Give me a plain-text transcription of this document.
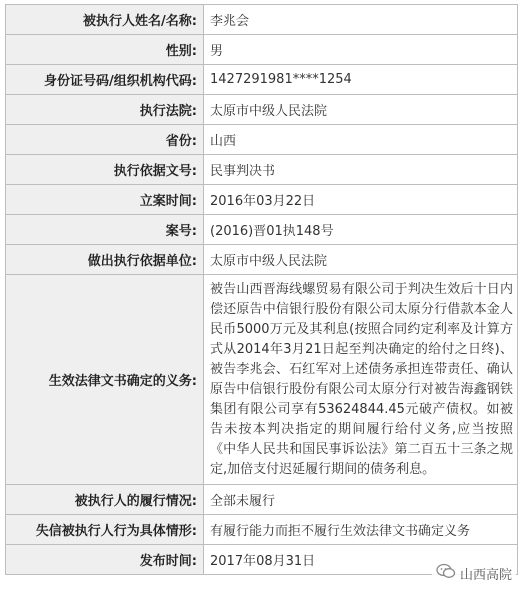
被执行人姓名/名称:	李兆会
性别:	男
身份证号码/组织机构代码:	1427291981****1254
执行法院:	太原市中级人民法院
省份:	山西
执行依据文号:	民事判决书
立案时间:	2016年03月22日
案号:	(2016)晋01执148号
做出执行依据单位:	太原市中级人民法院
生效法律文书确定的义务:	被告山西晋海线螺贸易有限公司于判决生效后十日内偿还原告中信银行股份有限公司太原分行借款本金人民币5000万元及其利息(按照合同约定利率及计算方式从2014年3月21日起至判决确定的给付之日终)、被告李兆会、石红军对上述债务承担连带责任、确认原告中信银行股份有限公司太原分行对被告海鑫钢铁集团有限公司享有53624844.45元破产债权。如被告未按本判决指定的期间履行给付义务,应当按照《中华人民共和国民事诉讼法》第二百五十三条之规定,加倍支付迟延履行期间的债务利息。
被执行人的履行情况:	全部未履行
失信被执行人行为具体情形:	有履行能力而拒不履行生效法律文书确定义务
发布时间:	2017年08月31日
山西高院
